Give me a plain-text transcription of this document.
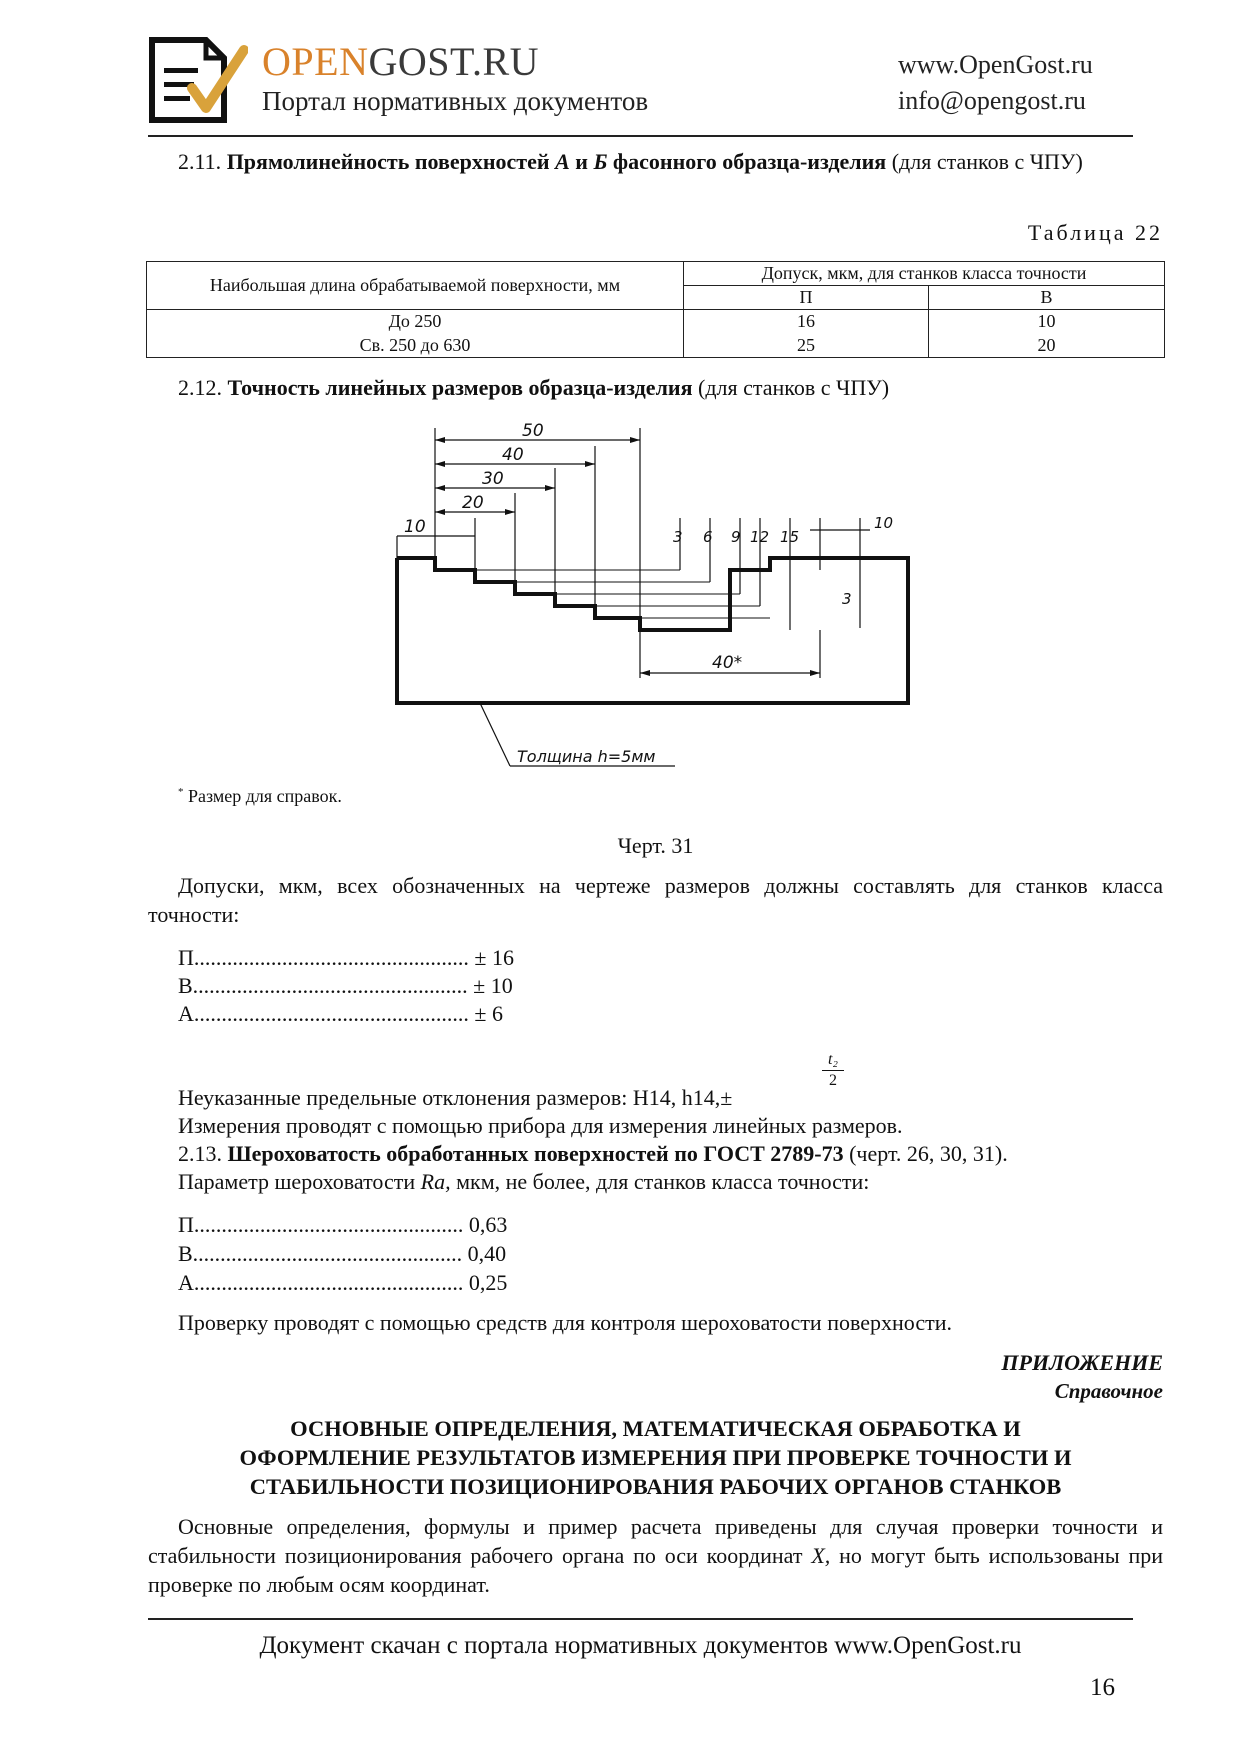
OPENGOST.RU
Портал нормативных документов
www.OpenGost.ru
info@opengost.ru
2.11. Прямолинейность поверхностей А и Б фасонного образца-изделия (для станков с ЧПУ)
Таблица 22
Наибольшая длина обрабатываемой поверхности, мм	Допуск, мкм, для станков класса точности	
	П	В
До 250	16	10
Св. 250 до 630	25	20
2.12. Точность линейных размеров образца-изделия (для станков с ЧПУ)
50
40
30
20
10	3 6 9 12 15
10
3
40*
Толщина h=5мм
* Размер для справок.
Черт. 31
Допуски, мкм, всех обозначенных на чертеже размеров должны составлять для станков класса точности:
П.................................................. ± 16
В.................................................. ± 10
А.................................................. ± 6
Неуказанные предельные отклонения размеров: H14, h14,±
$\frac{\text{t₂}}{2}$
Измерения проводят с помощью прибора для измерения линейных размеров.
2.13. Шероховатость обработанных поверхностей по ГОСТ 2789-73 (черт. 26, 30, 31).
Параметр шероховатости Ra, мкм, не более, для станков класса точности:
П................................................. 0,63
В................................................. 0,40
А................................................. 0,25
Проверку проводят с помощью средств для контроля шероховатости поверхности.
ПРИЛОЖЕНИЕ
Справочное
ОСНОВНЫЕ ОПРЕДЕЛЕНИЯ, МАТЕМАТИЧЕСКАЯ ОБРАБОТКА И
ОФОРМЛЕНИЕ РЕЗУЛЬТАТОВ ИЗМЕРЕНИЯ ПРИ ПРОВЕРКЕ ТОЧНОСТИ И
СТАБИЛЬНОСТИ ПОЗИЦИОНИРОВАНИЯ РАБОЧИХ ОРГАНОВ СТАНКОВ
Основные определения, формулы и пример расчета приведены для случая проверки точности и стабильности позиционирования рабочего органа по оси координат X, но могут быть использованы при проверке по любым осям координат.
Документ скачан с портала нормативных документов www.OpenGost.ru
16
